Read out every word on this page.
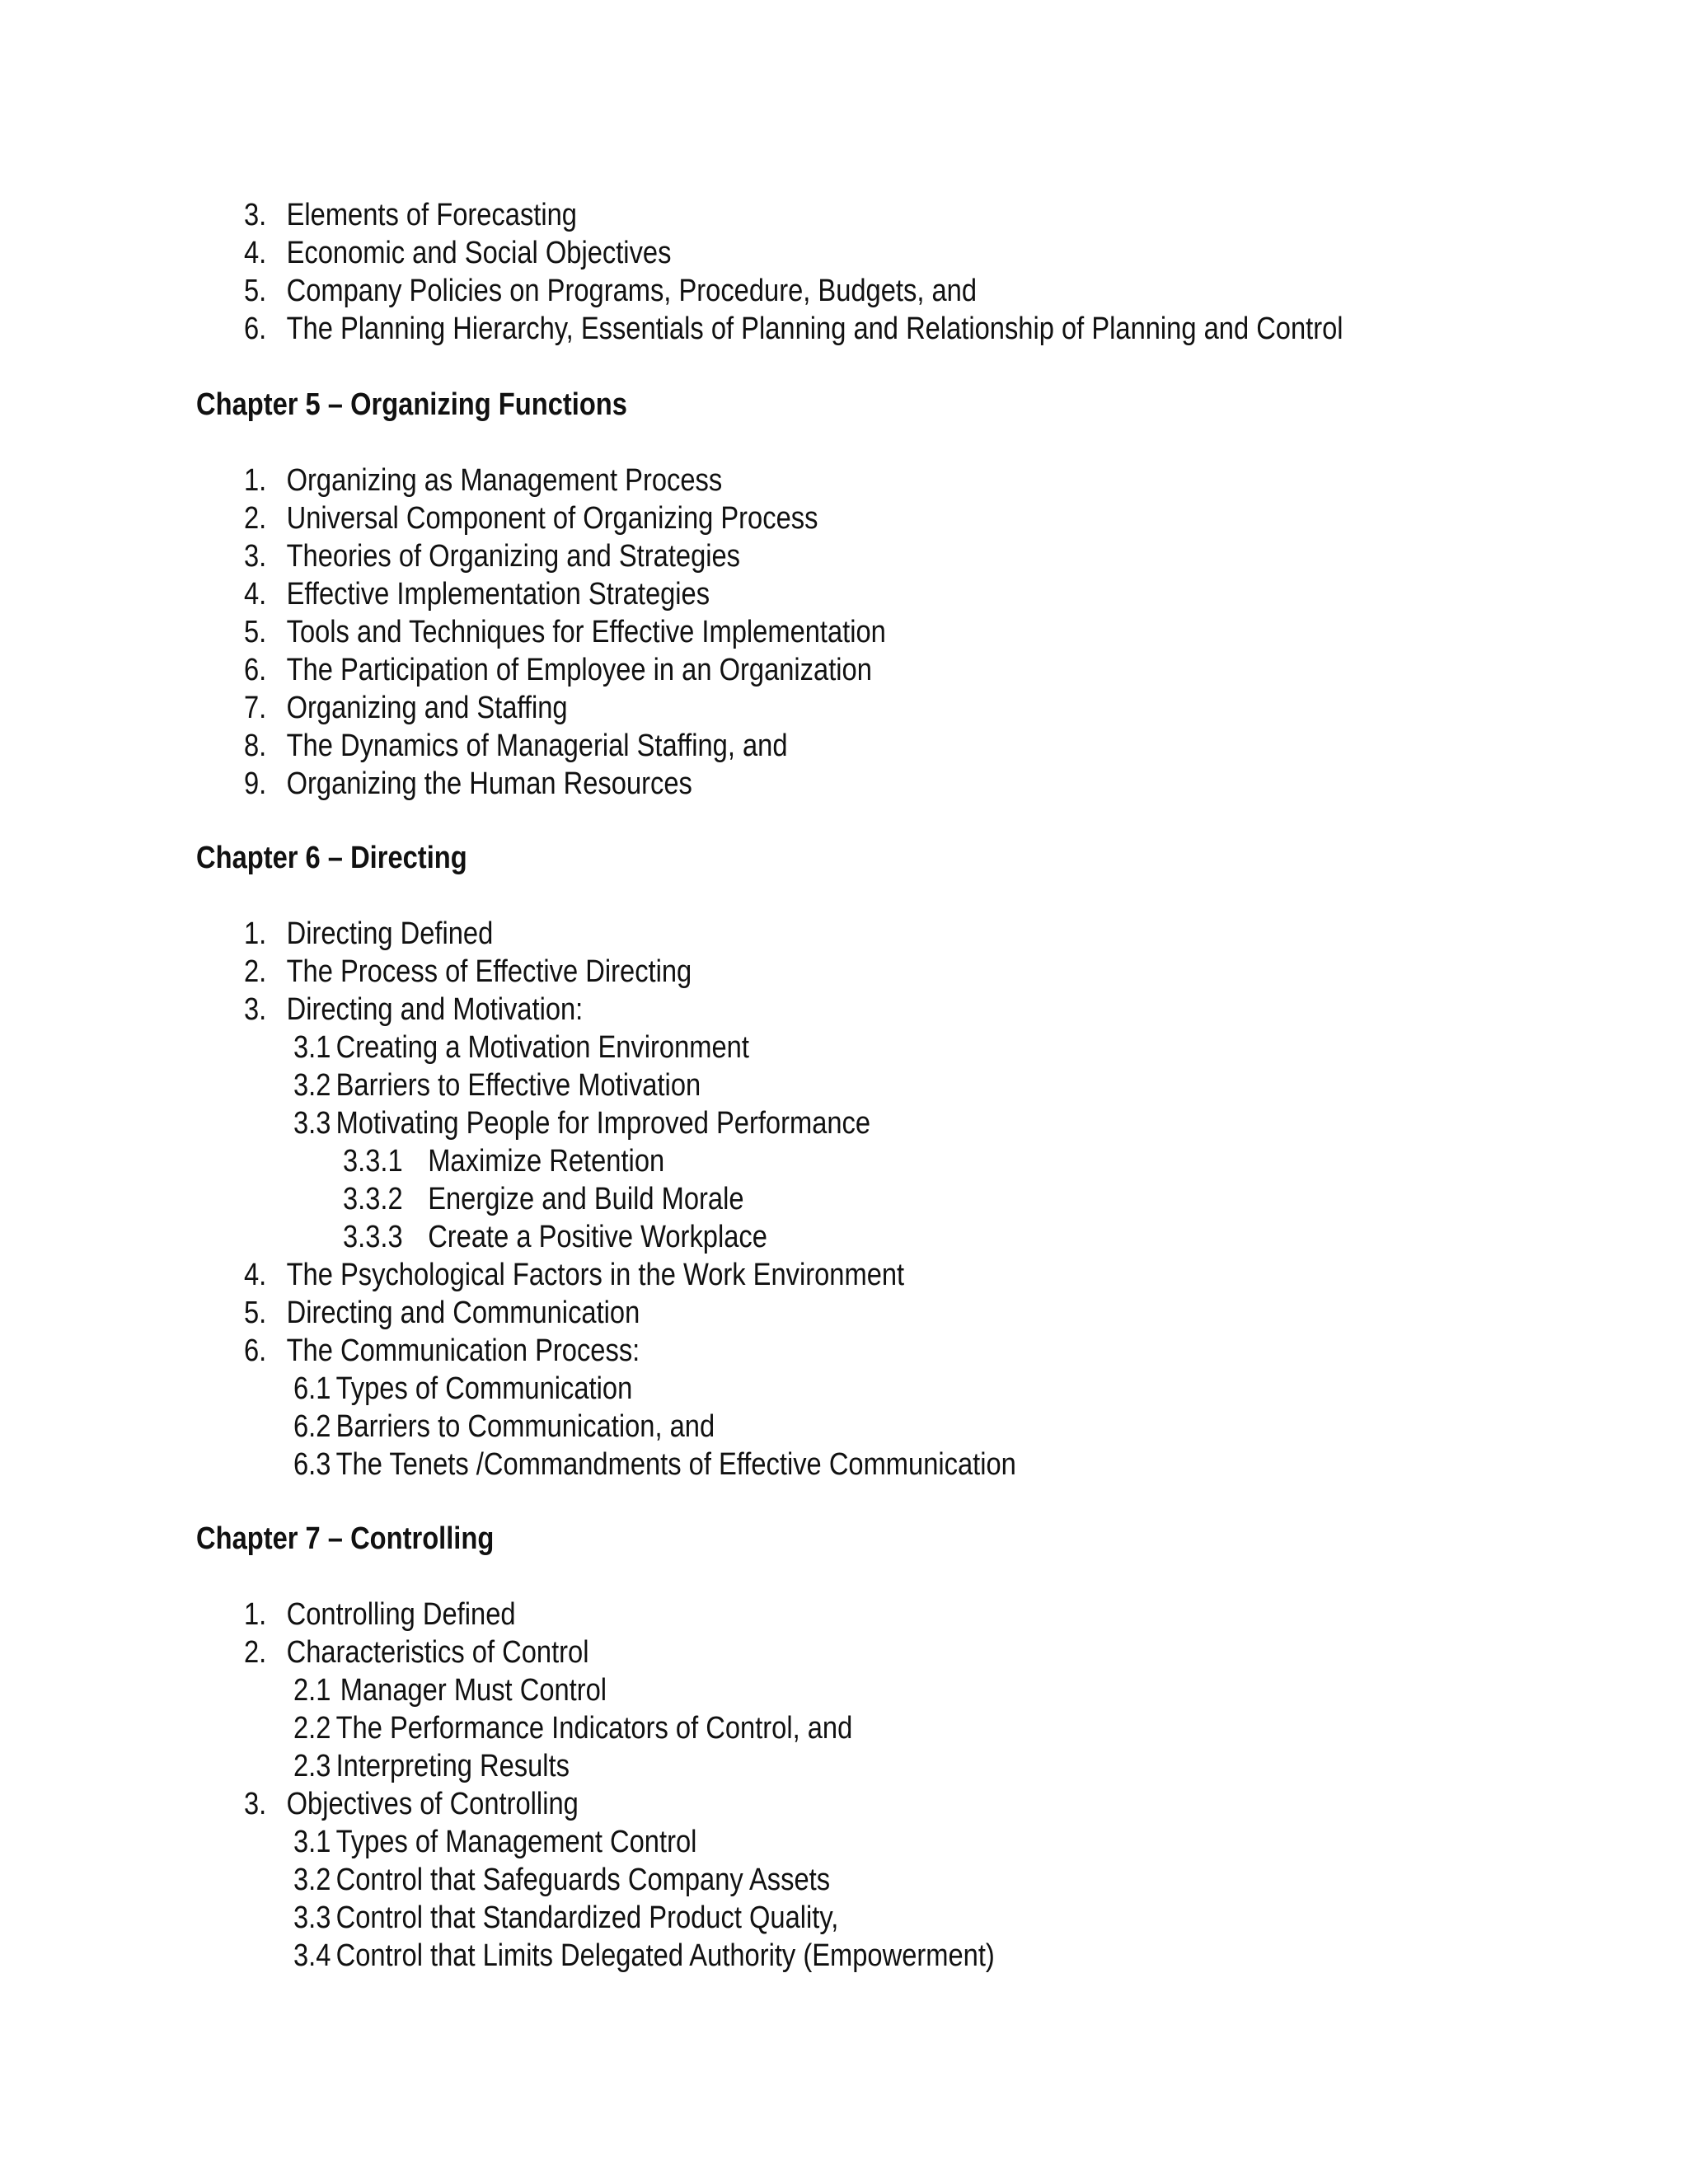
3. Elements of Forecasting
4. Economic and Social Objectives
5. Company Policies on Programs, Procedure, Budgets, and
6. The Planning Hierarchy, Essentials of Planning and Relationship of Planning and Control
Chapter 5 – Organizing Functions
1. Organizing as Management Process
2. Universal Component of Organizing Process
3. Theories of Organizing and Strategies
4. Effective Implementation Strategies
5. Tools and Techniques for Effective Implementation
6. The Participation of Employee in an Organization
7. Organizing and Staffing
8. The Dynamics of Managerial Staffing, and
9. Organizing the Human Resources
Chapter 6 – Directing
1. Directing Defined
2. The Process of Effective Directing
3. Directing and Motivation:
3.1 Creating a Motivation Environment
3.2 Barriers to Effective Motivation
3.3 Motivating People for Improved Performance
3.3.1 Maximize Retention
3.3.2 Energize and Build Morale
3.3.3 Create a Positive Workplace
4. The Psychological Factors in the Work Environment
5. Directing and Communication
6. The Communication Process:
6.1 Types of Communication
6.2 Barriers to Communication, and
6.3 The Tenets /Commandments of Effective Communication
Chapter 7 – Controlling
1. Controlling Defined
2. Characteristics of Control
2.1 Manager Must Control
2.2 The Performance Indicators of Control, and
2.3 Interpreting Results
3. Objectives of Controlling
3.1 Types of Management Control
3.2 Control that Safeguards Company Assets
3.3 Control that Standardized Product Quality,
3.4 Control that Limits Delegated Authority (Empowerment)
